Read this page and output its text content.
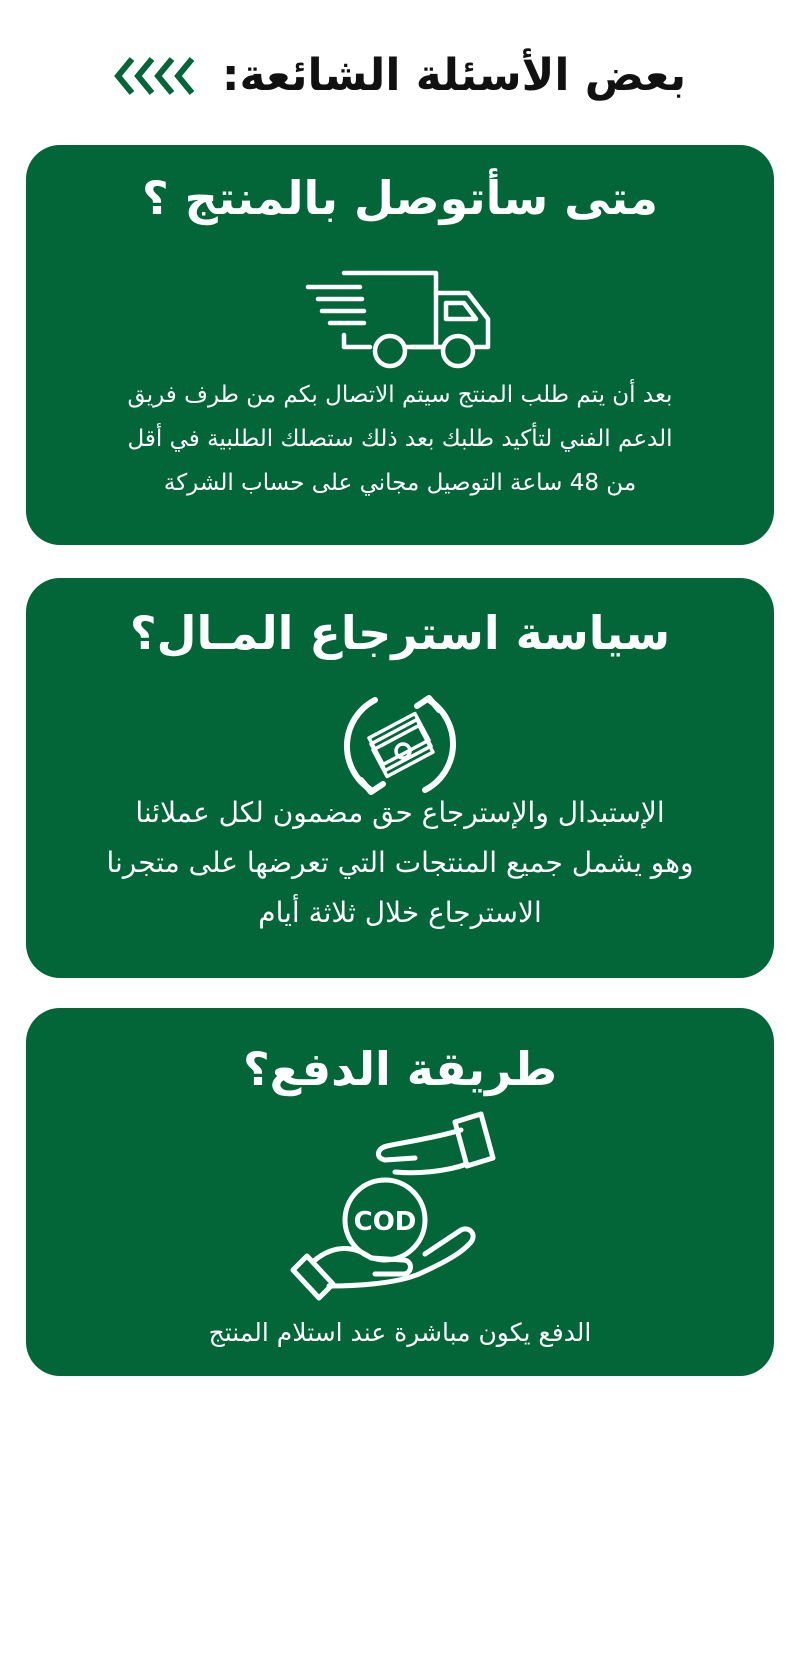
بعض الأسئلة الشائعة:
متى سأتوصل بالمنتج ؟
بعد أن يتم طلب المنتج سيتم الاتصال بكم من طرف فريق
الدعم الفني لتأكيد طلبك بعد ذلك ستصلك الطلبية في أقل
من 48 ساعة التوصيل مجاني على حساب الشركة
سياسة استرجاع المـال؟
الإستبدال والإسترجاع حق مضمون لكل عملائنا
وهو يشمل جميع المنتجات التي تعرضها على متجرنا
الاسترجاع خلال ثلاثة أيام
طريقة الدفع؟
COD
الدفع يكون مباشرة عند استلام المنتج
